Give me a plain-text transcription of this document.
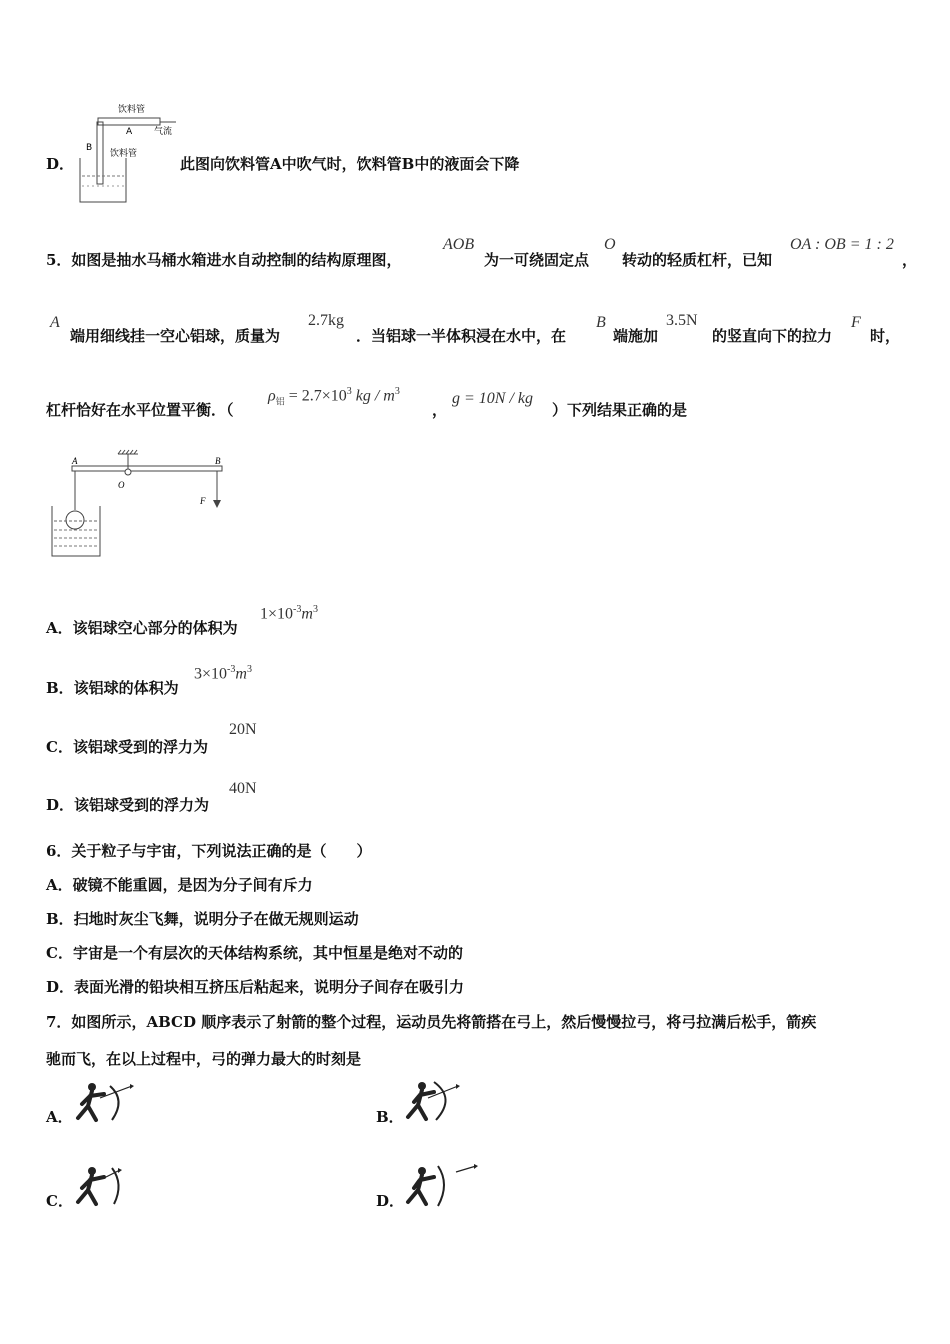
D．
饮料管
A 气流
B
饮料管
此图向饮料管A中吹气时，饮料管B中的液面会下降
5．如图是抽水马桶水箱进水自动控制的结构原理图，
AOB
为一可绕固定点
O
转动的轻质杠杆，已知
OA : OB = 1 : 2
，
A
端用细线挂一空心铝球，质量为
2.7kg
．当铝球一半体积浸在水中，在
B
端施加
3.5N
的竖直向下的拉力
F
时，
杠杆恰好在水平位置平衡．（
$\rho_铝 = 2.7\times 10^3$ kg / $m^3$
，
g = 10N / kg
）下列结果正确的是
A	B
O
F
A．该铝球空心部分的体积为
$1\times 10^{-3}m^3$
B．该铝球的体积为
$3\times 10^{-3}m^3$
C．该铝球受到的浮力为
20N
D．该铝球受到的浮力为
40N
6．关于粒子与宇宙，下列说法正确的是（　　）
A．破镜不能重圆，是因为分子间有斥力
B．扫地时灰尘飞舞，说明分子在做无规则运动
C．宇宙是一个有层次的天体结构系统，其中恒星是绝对不动的
D．表面光滑的铅块相互挤压后粘起来，说明分子间存在吸引力
7．如图所示，ABCD 顺序表示了射箭的整个过程，运动员先将箭搭在弓上，然后慢慢拉弓，将弓拉满后松手，箭疾
驰而飞，在以上过程中，弓的弹力最大的时刻是
A．	B．
C．	D．
